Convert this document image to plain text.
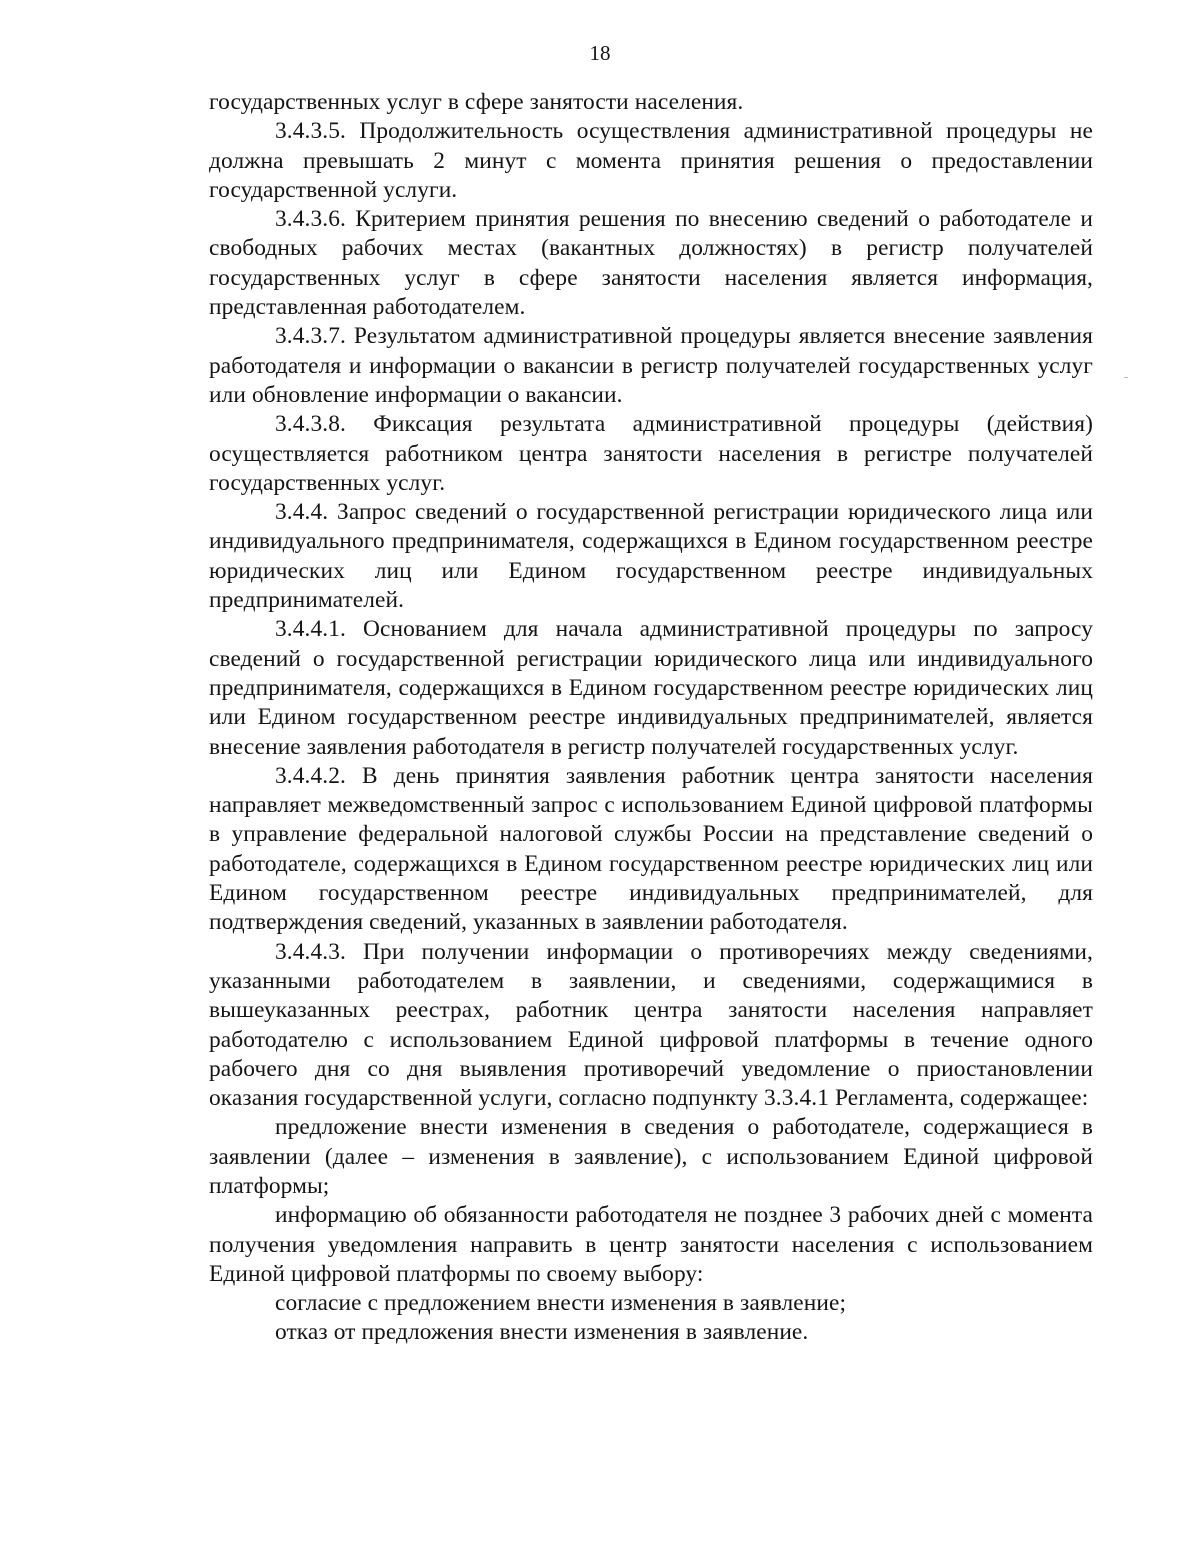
18

государственных услуг в сфере занятости населения.

3.4.3.5. Продолжительность осуществления административной процедуры не должна превышать 2 минут с момента принятия решения о предоставлении государственной услуги.

3.4.3.6. Критерием принятия решения по внесению сведений о работодателе и свободных рабочих местах (вакантных должностях) в регистр получателей государственных услуг в сфере занятости населения является информация, представленная работодателем.

3.4.3.7. Результатом административной процедуры является внесение заявления работодателя и информации о вакансии в регистр получателей государственных услуг или обновление информации о вакансии.

3.4.3.8. Фиксация результата административной процедуры (действия) осуществляется работником центра занятости населения в регистре получателей государственных услуг.

3.4.4. Запрос сведений о государственной регистрации юридического лица или индивидуального предпринимателя, содержащихся в Едином государственном реестре юридических лиц или Едином государственном реестре индивидуальных предпринимателей.

3.4.4.1. Основанием для начала административной процедуры по запросу сведений о государственной регистрации юридического лица или индивидуального предпринимателя, содержащихся в Едином государственном реестре юридических лиц или Едином государственном реестре индивидуальных предпринимателей, является внесение заявления работодателя в регистр получателей государственных услуг.

3.4.4.2. В день принятия заявления работник центра занятости населения направляет межведомственный запрос с использованием Единой цифровой платформы в управление федеральной налоговой службы России на представление сведений о работодателе, содержащихся в Едином государственном реестре юридических лиц или Едином государственном реестре индивидуальных предпринимателей, для подтверждения сведений, указанных в заявлении работодателя.

3.4.4.3. При получении информации о противоречиях между сведениями, указанными работодателем в заявлении, и сведениями, содержащимися в вышеуказанных реестрах, работник центра занятости населения направляет работодателю с использованием Единой цифровой платформы в течение одного рабочего дня со дня выявления противоречий уведомление о приостановлении оказания государственной услуги, согласно подпункту 3.3.4.1 Регламента, содержащее:

предложение внести изменения в сведения о работодателе, содержащиеся в заявлении (далее – изменения в заявление), с использованием Единой цифровой платформы;

информацию об обязанности работодателя не позднее 3 рабочих дней с момента получения уведомления направить в центр занятости населения с использованием Единой цифровой платформы по своему выбору:

согласие с предложением внести изменения в заявление;

отказ от предложения внести изменения в заявление.
